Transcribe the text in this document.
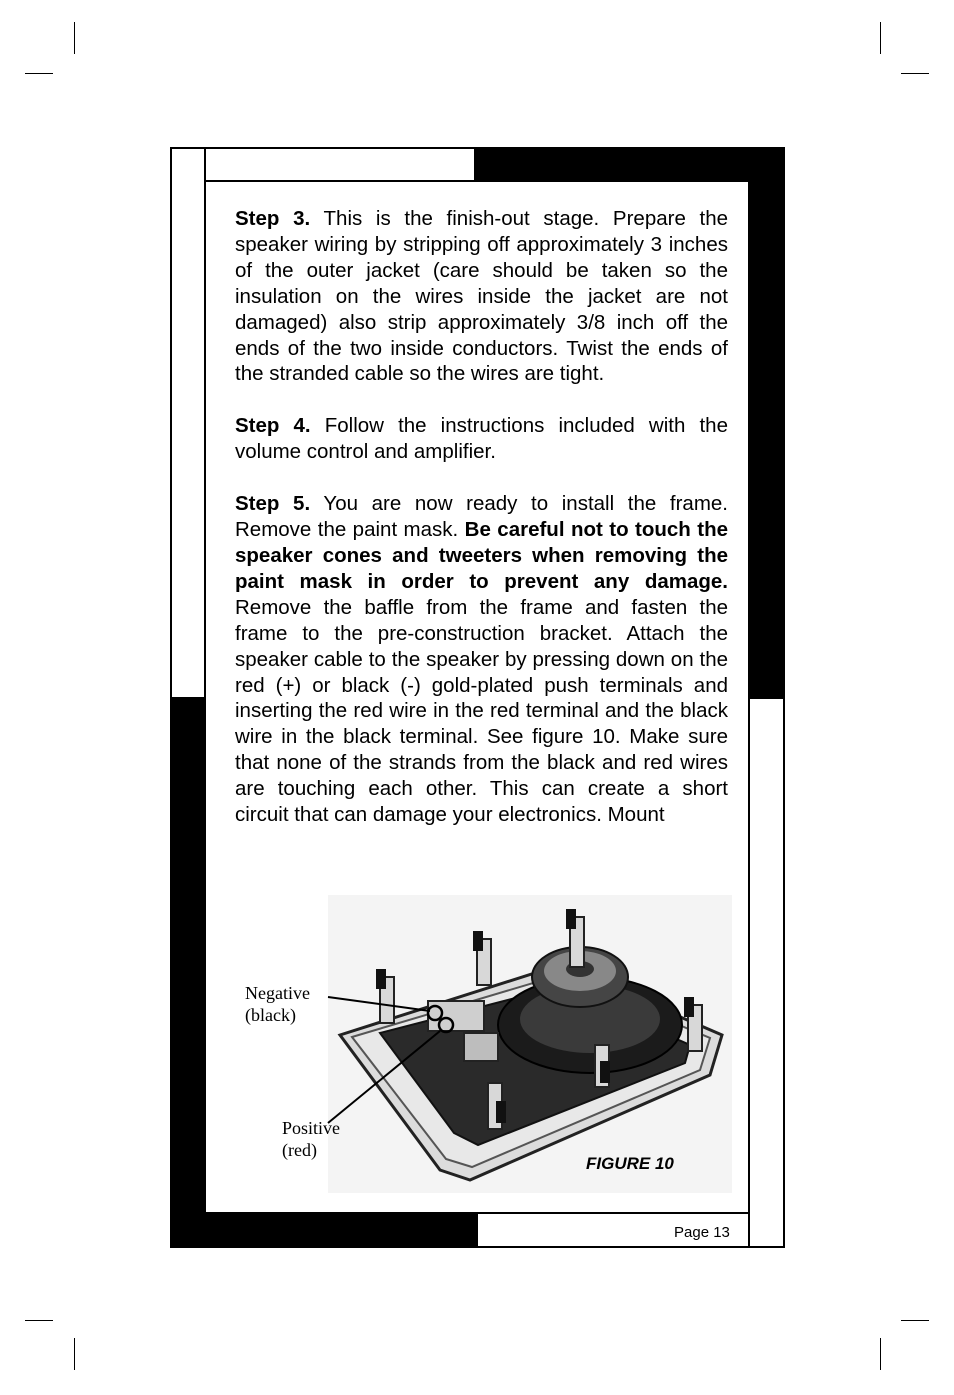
Step 3. This is the finish-out stage. Prepare the speaker wiring by stripping off approximately 3 inches of the outer jacket (care should be taken so the insulation on the wires inside the jacket are not damaged) also strip approximately 3/8 inch off the ends of the two inside conductors. Twist the ends of the stranded cable so the wires are tight.

Step 4. Follow the instructions included with the volume control and amplifier.

Step 5. You are now ready to install the frame. Remove the paint mask. Be careful not to touch the speaker cones and tweeters when removing the paint mask in order to prevent any damage. Remove the baffle from the frame and fasten the frame to the pre-construction bracket. Attach the speaker cable to the speaker by pressing down on the red (+) or black (-) gold-plated push terminals and inserting the red wire in the red terminal and the black wire in the black terminal. See figure 10. Make sure that none of the strands from the black and red wires are touching each other. This can create a short circuit that can damage your electronics. Mount

Negative
(black)
Positive
(red)
FIGURE 10
Page 13
